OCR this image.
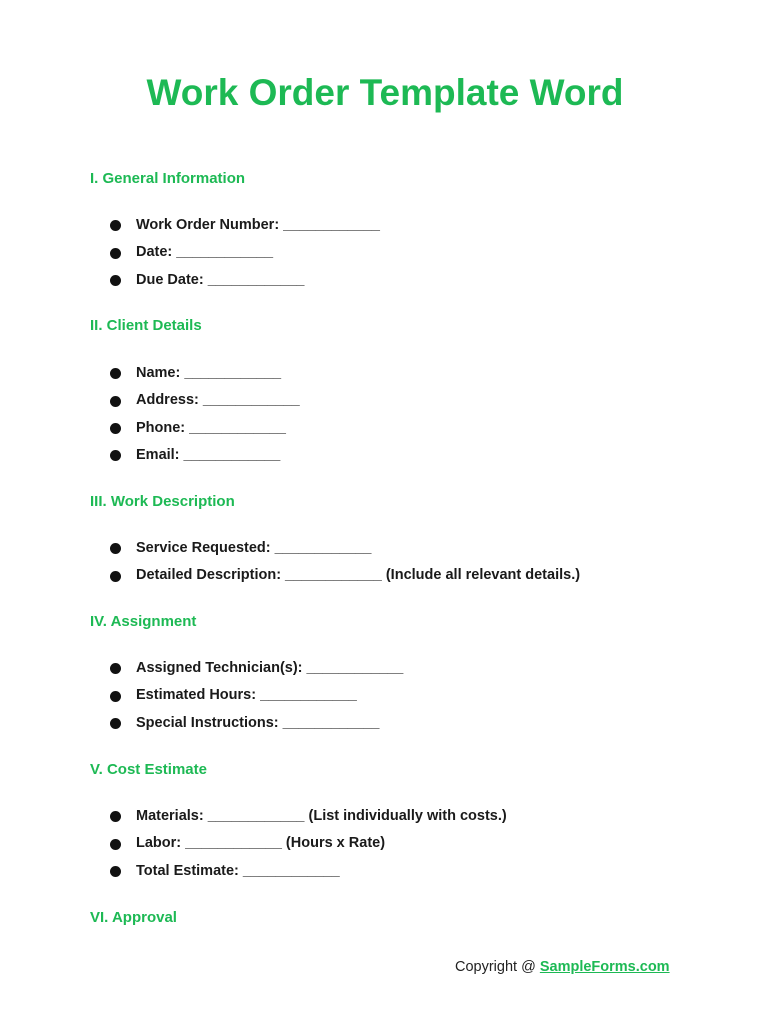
Work Order Template Word
I. General Information
Work Order Number: ____________
Date: ____________
Due Date: ____________
II. Client Details
Name: ____________
Address: ____________
Phone: ____________
Email: ____________
III. Work Description
Service Requested: ____________
Detailed Description: ____________ (Include all relevant details.)
IV. Assignment
Assigned Technician(s): ____________
Estimated Hours: ____________
Special Instructions: ____________
V. Cost Estimate
Materials: ____________ (List individually with costs.)
Labor: ____________ (Hours x Rate)
Total Estimate: ____________
VI. Approval
Copyright @ SampleForms.com
